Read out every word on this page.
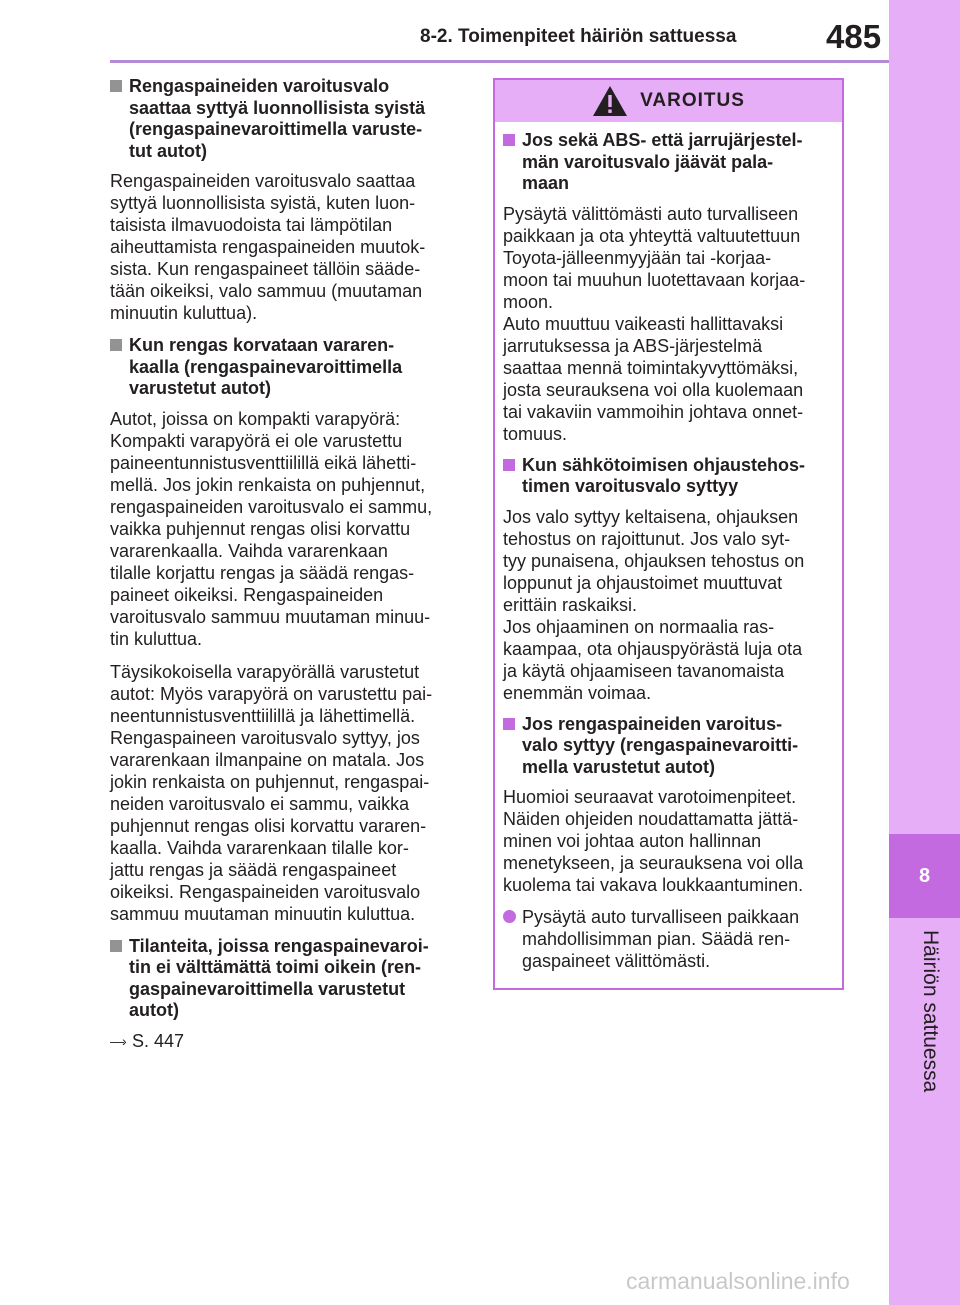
8-2. Toimenpiteet häiriön sattuessa	485
8
Häiriön sattuessa
Rengaspaineiden varoitusvalo
saattaa syttyä luonnollisista syistä
(rengaspainevaroittimella varuste-
tut autot)
Rengaspaineiden varoitusvalo saattaa
syttyä luonnollisista syistä, kuten luon-
taisista ilmavuodoista tai lämpötilan
aiheuttamista rengaspaineiden muutok-
sista. Kun rengaspaineet tällöin sääde-
tään oikeiksi, valo sammuu (muutaman
minuutin kuluttua).
Kun rengas korvataan vararen-
kaalla (rengaspainevaroittimella
varustetut autot)
Autot, joissa on kompakti varapyörä:
Kompakti varapyörä ei ole varustettu
paineentunnistusventtiilillä eikä lähetti-
mellä. Jos jokin renkaista on puhjennut,
rengaspaineiden varoitusvalo ei sammu,
vaikka puhjennut rengas olisi korvattu
vararenkaalla. Vaihda vararenkaan
tilalle korjattu rengas ja säädä rengas-
paineet oikeiksi. Rengaspaineiden
varoitusvalo sammuu muutaman minuu-
tin kuluttua.
Täysikokoisella varapyörällä varustetut
autot: Myös varapyörä on varustettu pai-
neentunnistusventtiilillä ja lähettimellä.
Rengaspaineen varoitusvalo syttyy, jos
vararenkaan ilmanpaine on matala. Jos
jokin renkaista on puhjennut, rengaspai-
neiden varoitusvalo ei sammu, vaikka
puhjennut rengas olisi korvattu vararen-
kaalla. Vaihda vararenkaan tilalle kor-
jattu rengas ja säädä rengaspaineet
oikeiksi. Rengaspaineiden varoitusvalo
sammuu muutaman minuutin kuluttua.
Tilanteita, joissa rengaspainevaroi-
tin ei välttämättä toimi oikein (ren-
gaspainevaroittimella varustetut
autot)
—› S. 447
VAROITUS
Jos sekä ABS- että jarrujärjestel-
män varoitusvalo jäävät pala-
maan
Pysäytä välittömästi auto turvalliseen
paikkaan ja ota yhteyttä valtuutettuun
Toyota-jälleenmyyjään tai -korjaa-
moon tai muuhun luotettavaan korjaa-
moon.
Auto muuttuu vaikeasti hallittavaksi
jarrutuksessa ja ABS-järjestelmä
saattaa mennä toimintakyvyttömäksi,
josta seurauksena voi olla kuolemaan
tai vakaviin vammoihin johtava onnet-
tomuus.
Kun sähkötoimisen ohjaustehos-
timen varoitusvalo syttyy
Jos valo syttyy keltaisena, ohjauksen
tehostus on rajoittunut. Jos valo syt-
tyy punaisena, ohjauksen tehostus on
loppunut ja ohjaustoimet muuttuvat
erittäin raskaiksi.
Jos ohjaaminen on normaalia ras-
kaampaa, ota ohjauspyörästä luja ota
ja käytä ohjaamiseen tavanomaista
enemmän voimaa.
Jos rengaspaineiden varoitus-
valo syttyy (rengaspainevaroitti-
mella varustetut autot)
Huomioi seuraavat varotoimenpiteet.
Näiden ohjeiden noudattamatta jättä-
minen voi johtaa auton hallinnan
menetykseen, ja seurauksena voi olla
kuolema tai vakava loukkaantuminen.
Pysäytä auto turvalliseen paikkaan
mahdollisimman pian. Säädä ren-
gaspaineet välittömästi.
carmanualsonline.info
